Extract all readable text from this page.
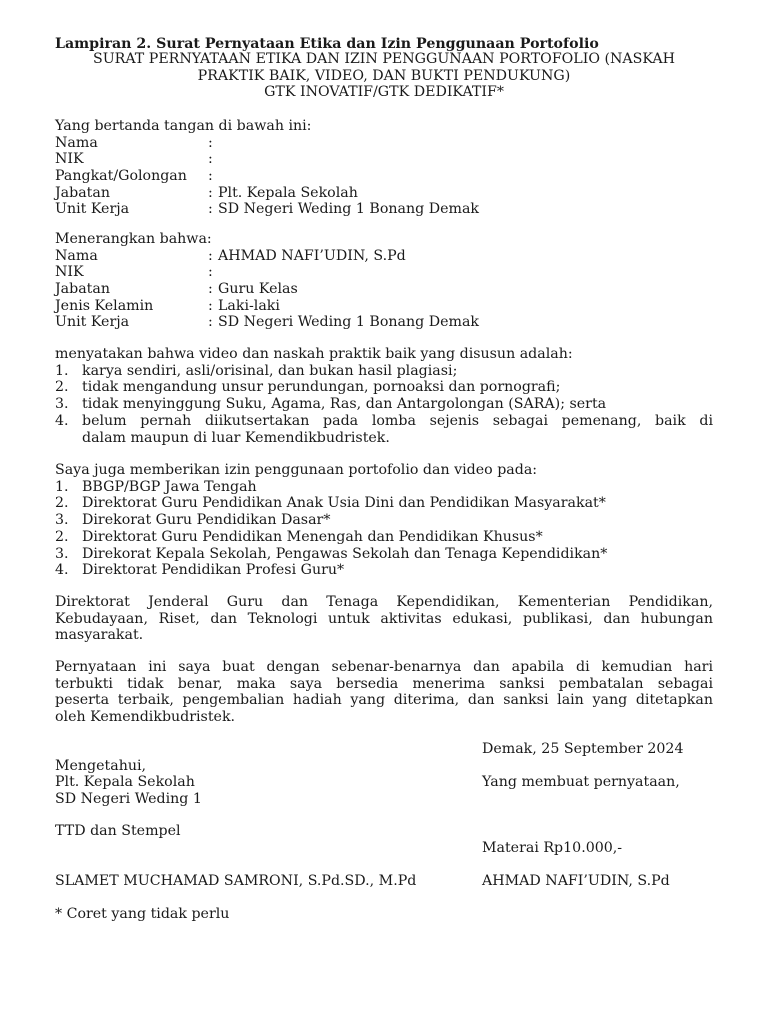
Lampiran 2. Surat Pernyataan Etika dan Izin Penggunaan Portofolio
SURAT PERNYATAAN ETIKA DAN IZIN PENGGUNAAN PORTOFOLIO (NASKAH
PRAKTIK BAIK, VIDEO, DAN BUKTI PENDUKUNG)
GTK INOVATIF/GTK DEDIKATIF*
Yang bertanda tangan di bawah ini:
Nama	:
NIK	:
Pangkat/Golongan	:
Jabatan	: Plt. Kepala Sekolah
Unit Kerja	: SD Negeri Weding 1 Bonang Demak
Menerangkan bahwa:
Nama	: AHMAD NAFI’UDIN, S.Pd
NIK	:
Jabatan	: Guru Kelas
Jenis Kelamin	: Laki-laki
Unit Kerja	: SD Negeri Weding 1 Bonang Demak
menyatakan bahwa video dan naskah praktik baik yang disusun adalah:
1. karya sendiri, asli/orisinal, dan bukan hasil plagiasi;
2. tidak mengandung unsur perundungan, pornoaksi dan pornografi;
3. tidak menyinggung Suku, Agama, Ras, dan Antargolongan (SARA); serta
4. belum pernah diikutsertakan pada lomba sejenis sebagai pemenang, baik di
dalam maupun di luar Kemendikbudristek.
Saya juga memberikan izin penggunaan portofolio dan video pada:
1. BBGP/BGP Jawa Tengah
2. Direktorat Guru Pendidikan Anak Usia Dini dan Pendidikan Masyarakat*
3. Direkorat Guru Pendidikan Dasar*
2. Direktorat Guru Pendidikan Menengah dan Pendidikan Khusus*
3. Direkorat Kepala Sekolah, Pengawas Sekolah dan Tenaga Kependidikan*
4. Direktorat Pendidikan Profesi Guru*
Direktorat Jenderal Guru dan Tenaga Kependidikan, Kementerian Pendidikan,
Kebudayaan, Riset, dan Teknologi untuk aktivitas edukasi, publikasi, dan hubungan
masyarakat.
Pernyataan ini saya buat dengan sebenar-benarnya dan apabila di kemudian hari
terbukti tidak benar, maka saya bersedia menerima sanksi pembatalan sebagai
peserta terbaik, pengembalian hadiah yang diterima, dan sanksi lain yang ditetapkan
oleh Kemendikbudristek.
Demak, 25 September 2024
Mengetahui,
Plt. Kepala Sekolah	Yang membuat pernyataan,
SD Negeri Weding 1
TTD dan Stempel
Materai Rp10.000,-
SLAMET MUCHAMAD SAMRONI, S.Pd.SD., M.Pd	AHMAD NAFI’UDIN, S.Pd
* Coret yang tidak perlu
